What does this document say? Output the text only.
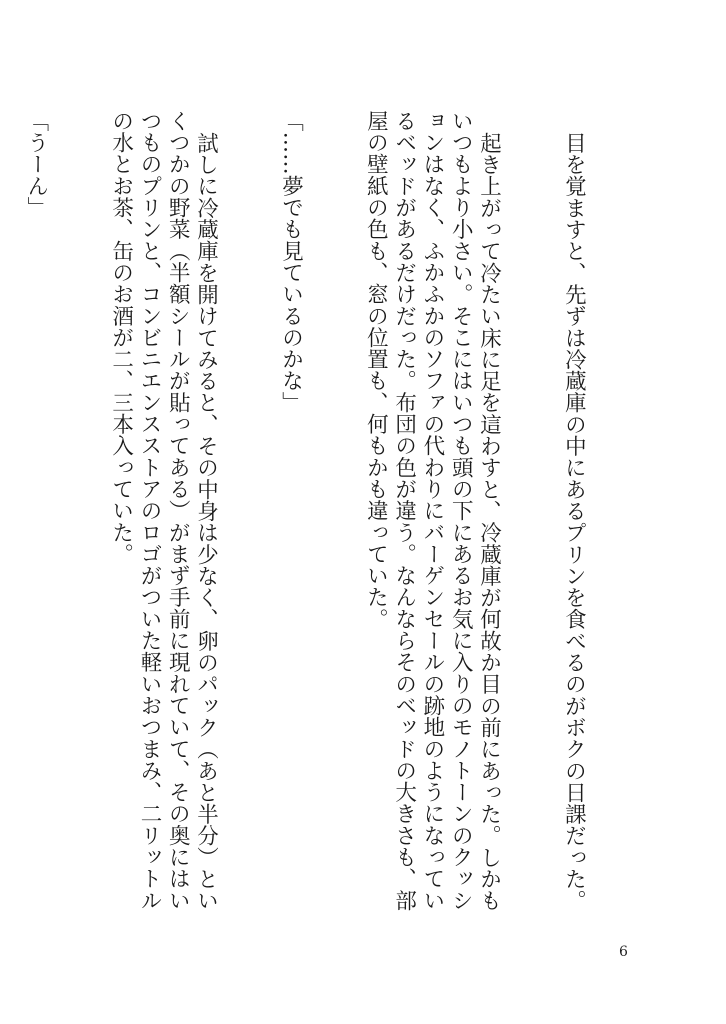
目を覚ますと、先ずは冷蔵庫の中にあるプリンを食べるのがボクの日課だった。

起き上がって冷たい床に足を這わすと、冷蔵庫が何故か目の前にあった。しかもいつもより小さい。そこにはいつも頭の下にあるお気に入りのモノトーンのクッションはなく、ふかふかのソファの代わりにバーゲンセールの跡地のようになっているベッドがあるだけだった。布団の色が違う。なんならそのベッドの大きさも、部屋の壁紙の色も、窓の位置も、何もかも違っていた。

「……夢でも見ているのかな」

試しに冷蔵庫を開けてみると、その中身は少なく、卵のパック（あと半分）といくつかの野菜（半額シールが貼ってある）がまず手前に現れていて、その奥にはいつものプリンと、コンビニエンスストアのロゴがついた軽いおつまみ、二リットルの水とお茶、缶のお酒が二、三本入っていた。

「うーん」

6
